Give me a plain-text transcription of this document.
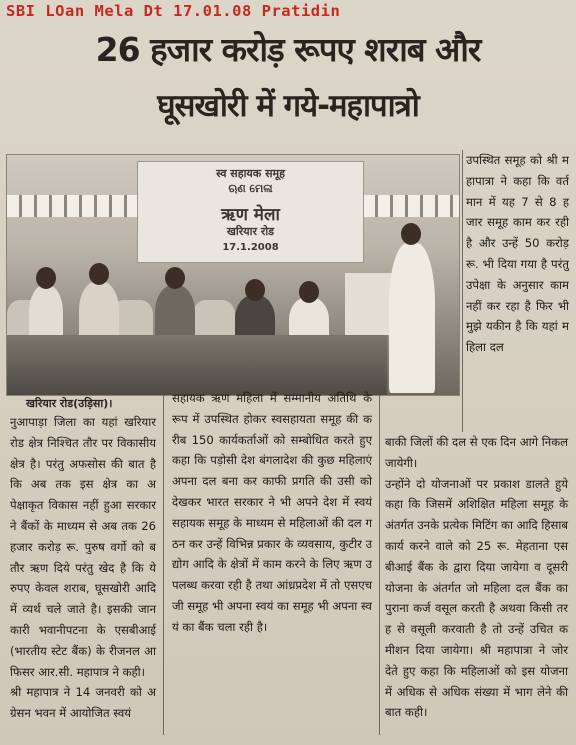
SBI LOan Mela Dt 17.01.08 Pratidin
26 हजार करोड़ रूपए शराब और
घूसखोरी में गये-महापात्रो
स्व सहायक समूह
ଋଣ ମେଳା
ऋण मेला
खरियार रोड
17.1.2008
खरियार रोड(उड़िसा)।

उपस्थित समूह को श्री महापात्रा ने कहा कि वर्तमान में यह 7 से 8 हजार समूह काम कर रही है और उन्हें 50 करोड़ रू. भी दिया गया है परंतु उपेक्षा के अनुसार काम नहीं कर रहा है फिर भी मुझे यकीन है कि यहां महिला दल

नुआपाड़ा जिला का यहां खरियार रोड क्षेत्र निश्चित तौर पर विकासीय क्षेत्र है। परंतु अफसोस की बात है कि अब तक इस क्षेत्र का अपेक्षाकृत विकास नहीं हुआ सरकार ने बैंकों के माध्यम से अब तक 26 हजार करोड़ रू. पुरुष वर्गो को बतौर ऋण दिये परंतु खेद है कि ये रुपए केवल शराब, घूसखोरी आदि में व्यर्थ चले जाते है। इसकी जानकारी भवानीपटना के एसबीआई (भारतीय स्टेट बैंक) के रीजनल आफिसर आर.सी. महापात्र ने कही।

श्री महापात्र ने 14 जनवरी को अग्रेसन भवन में आयोजित स्वयं

सहायक ऋण महिला में सम्मानीय अतिथि के रूप में उपस्थित होकर स्वसहायता समूह की करीब 150 कार्यकर्ताओं को सम्बोधित करते हुए कहा कि पड़ोसी देश बंगलादेश की कुछ महिलाएं अपना दल बना कर काफी प्रगति की उसी को देखकर भारत सरकार ने भी अपने देश में स्वयं सहायक समूह के माध्यम से महिलाओं की दल गठन कर उन्हें विभिन्न प्रकार के व्यवसाय, कुटीर उद्योग आदि के क्षेत्रों में काम करने के लिए ऋण उपलब्ध करवा रही है तथा आंध्रप्रदेश में तो एसएचजी समूह भी अपना स्वयं का समूह भी अपना स्वयं का बैंक चला रही है।

बाकी जिलों की दल से एक दिन आगे निकल जायेगी।

उन्होंने दो योजनाओं पर प्रकाश डालते हुये कहा कि जिसमें अशिक्षित महिला समूह के अंतर्गत उनके प्रत्येक मिटिंग का आदि हिसाब कार्य करने वाले को 25 रू. मेहताना एसबीआई बैंक के द्वारा दिया जायेगा व दूसरी योजना के अंतर्गत जो महिला दल बैंक का पुराना कर्ज वसूल करती है अथवा किसी तरह से वसूली करवाती है तो उन्हें उचित कमीशन दिया जायेगा। श्री महापात्रा ने जोर देते हुए कहा कि महिलाओं को इस योजना में अधिक से अधिक संख्या में भाग लेने की बात कही।
